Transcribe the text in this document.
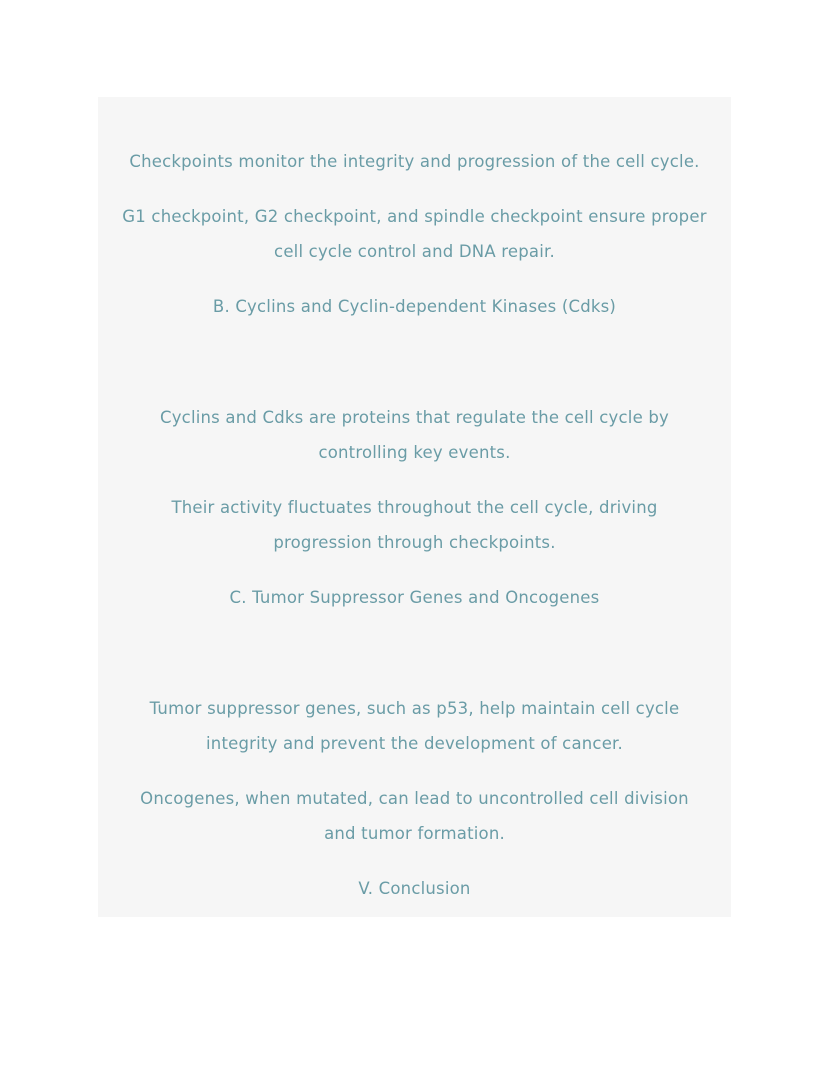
Checkpoints monitor the integrity and progression of the cell cycle.
G1 checkpoint, G2 checkpoint, and spindle checkpoint ensure proper
cell cycle control and DNA repair.
B. Cyclins and Cyclin-dependent Kinases (Cdks)
Cyclins and Cdks are proteins that regulate the cell cycle by
controlling key events.
Their activity fluctuates throughout the cell cycle, driving
progression through checkpoints.
C. Tumor Suppressor Genes and Oncogenes
Tumor suppressor genes, such as p53, help maintain cell cycle
integrity and prevent the development of cancer.
Oncogenes, when mutated, can lead to uncontrolled cell division
and tumor formation.
V. Conclusion
